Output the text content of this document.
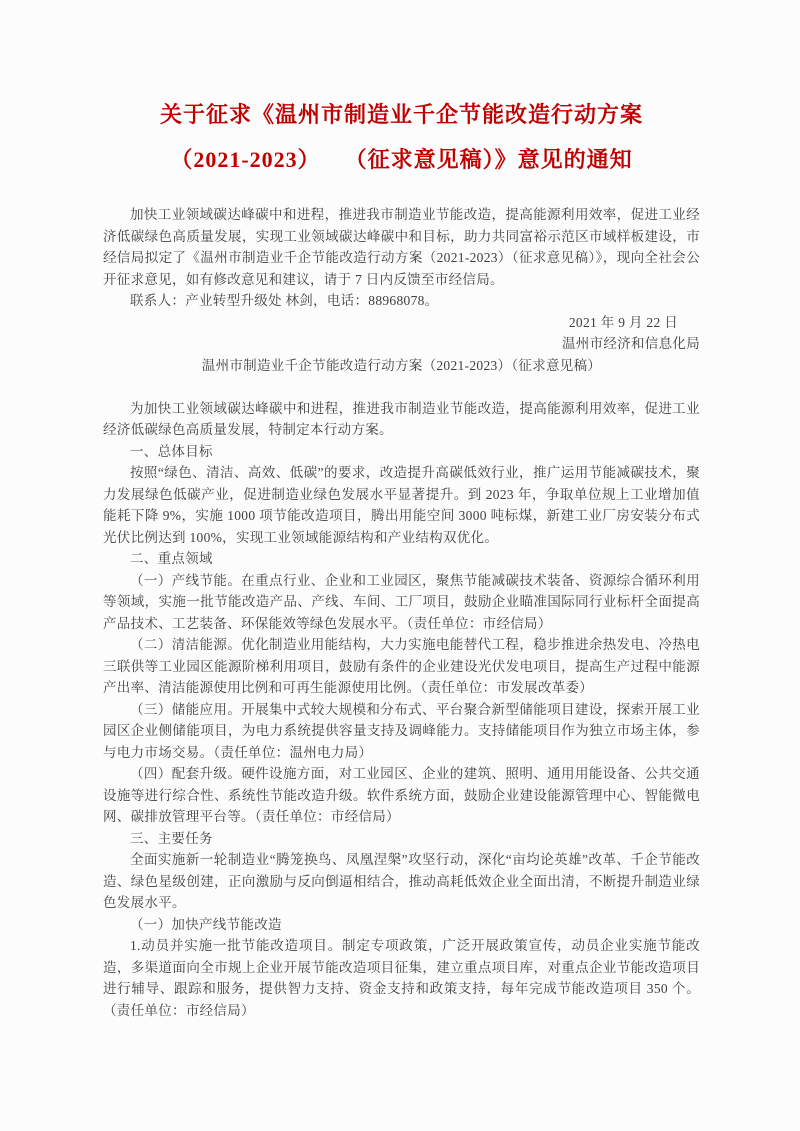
关于征求《温州市制造业千企节能改造行动方案
（2021-2023）　　（征求意见稿）》意见的通知

加快工业领域碳达峰碳中和进程，推进我市制造业节能改造，提高能源利用效率，促进工业经济低碳绿色高质量发展，实现工业领域碳达峰碳中和目标，助力共同富裕示范区市域样板建设，市经信局拟定了《温州市制造业千企节能改造行动方案（2021-2023）（征求意见稿）》，现向全社会公开征求意见，如有修改意见和建议，请于 7 日内反馈至市经信局。

联系人：产业转型升级处 林剑，电话：88968078。

2021 年 9 月 22 日

温州市经济和信息化局

温州市制造业千企节能改造行动方案（2021-2023）（征求意见稿）

为加快工业领域碳达峰碳中和进程，推进我市制造业节能改造，提高能源利用效率，促进工业经济低碳绿色高质量发展，特制定本行动方案。

一、总体目标

按照“绿色、清洁、高效、低碳”的要求，改造提升高碳低效行业，推广运用节能减碳技术，聚力发展绿色低碳产业，促进制造业绿色发展水平显著提升。到 2023 年，争取单位规上工业增加值能耗下降 9%，实施 1000 项节能改造项目，腾出用能空间 3000 吨标煤，新建工业厂房安装分布式光伏比例达到 100%，实现工业领域能源结构和产业结构双优化。

二、重点领域

（一）产线节能。在重点行业、企业和工业园区，聚焦节能减碳技术装备、资源综合循环利用等领域，实施一批节能改造产品、产线、车间、工厂项目，鼓励企业瞄准国际同行业标杆全面提高产品技术、工艺装备、环保能效等绿色发展水平。（责任单位：市经信局）

（二）清洁能源。优化制造业用能结构，大力实施电能替代工程，稳步推进余热发电、冷热电三联供等工业园区能源阶梯利用项目，鼓励有条件的企业建设光伏发电项目，提高生产过程中能源产出率、清洁能源使用比例和可再生能源使用比例。（责任单位：市发展改革委）

（三）储能应用。开展集中式较大规模和分布式、平台聚合新型储能项目建设，探索开展工业园区企业侧储能项目，为电力系统提供容量支持及调峰能力。支持储能项目作为独立市场主体，参与电力市场交易。（责任单位：温州电力局）

（四）配套升级。硬件设施方面，对工业园区、企业的建筑、照明、通用用能设备、公共交通设施等进行综合性、系统性节能改造升级。软件系统方面，鼓励企业建设能源管理中心、智能微电网、碳排放管理平台等。（责任单位：市经信局）

三、主要任务

全面实施新一轮制造业“腾笼换鸟、凤凰涅槃”攻坚行动，深化“亩均论英雄”改革、千企节能改造、绿色星级创建，正向激励与反向倒逼相结合，推动高耗低效企业全面出清，不断提升制造业绿色发展水平。

（一）加快产线节能改造

1.动员并实施一批节能改造项目。制定专项政策，广泛开展政策宣传，动员企业实施节能改造，多渠道面向全市规上企业开展节能改造项目征集，建立重点项目库，对重点企业节能改造项目进行辅导、跟踪和服务，提供智力支持、资金支持和政策支持，每年完成节能改造项目 350 个。（责任单位：市经信局）
